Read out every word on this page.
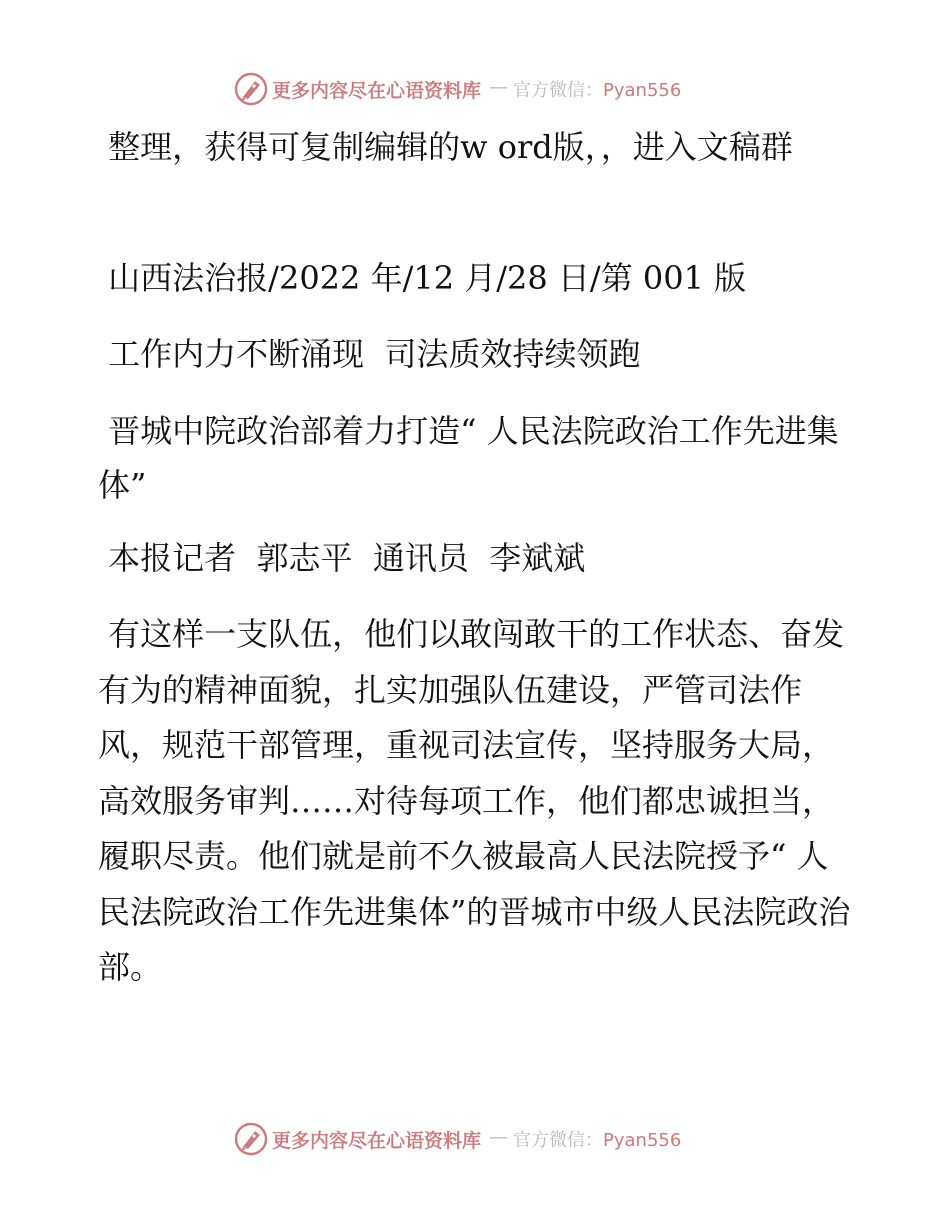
更多内容尽在心语资料库 — 官方微信：Pyan556
整理，获得可复制编辑的w ord版，，进入文稿群
山西法治报/2022 年/12 月/28 日/第 001 版
工作内力不断涌现  司法质效持续领跑
晋城中院政治部着力打造“ 人民法院政治工作先进集体”
本报记者  郭志平  通讯员  李斌斌
有这样一支队伍，他们以敢闯敢干的工作状态、奋发有为的精神面貌，扎实加强队伍建设，严管司法作风，规范干部管理，重视司法宣传，坚持服务大局，高效服务审判……对待每项工作，他们都忠诚担当，履职尽责。他们就是前不久被最高人民法院授予“ 人民法院政治工作先进集体”的晋城市中级人民法院政治部。
更多内容尽在心语资料库 — 官方微信：Pyan556
